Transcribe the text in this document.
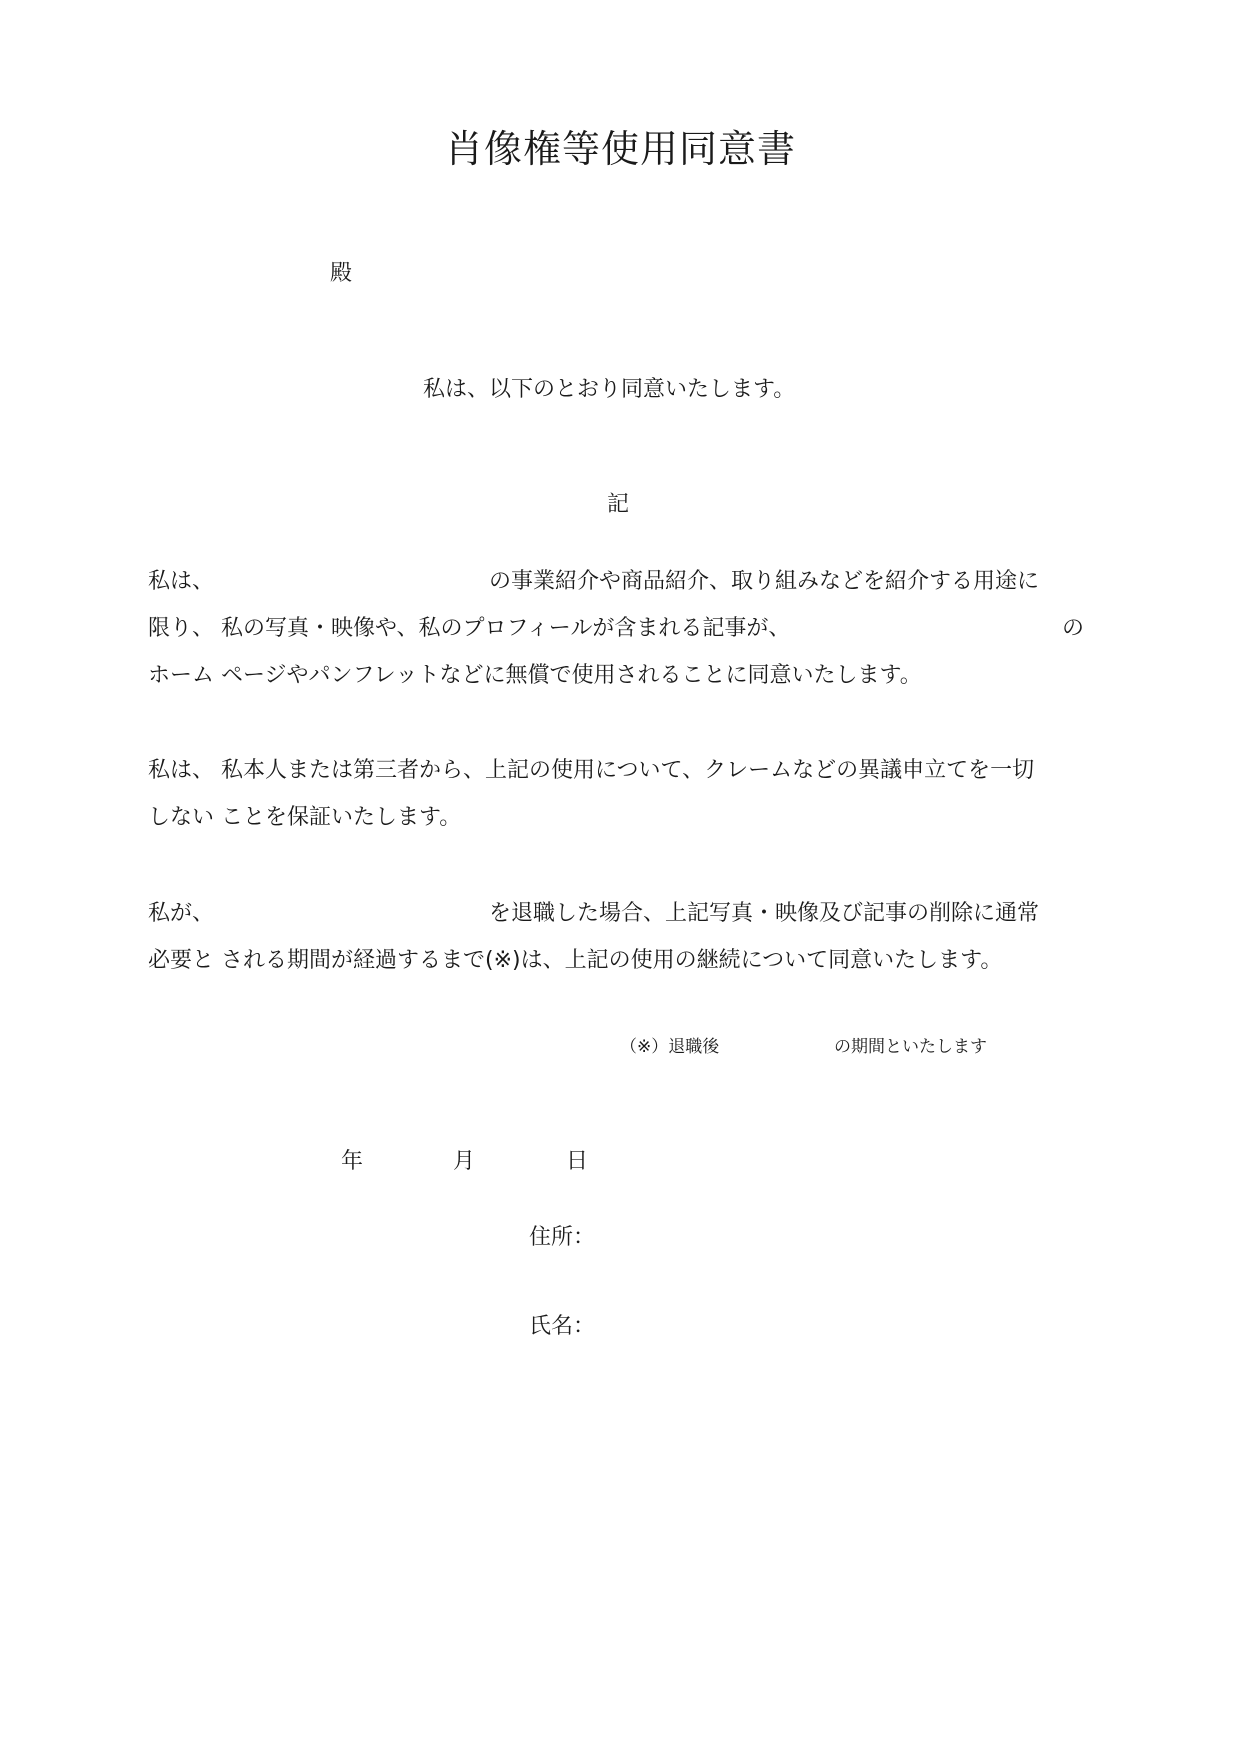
肖像権等使用同意書
殿
私は、以下のとおり同意いたします。
記
私は、	の事業紹介や商品紹介、取り組みなどを紹介する用途に
限り、 私の写真・映像や、私のプロフィールが含まれる記事が、	の
ホーム ページやパンフレットなどに無償で使用されることに同意いたします。
私は、 私本人または第三者から、上記の使用について、クレームなどの異議申立てを一切
しない ことを保証いたします。
私が、	を退職した場合、上記写真・映像及び記事の削除に通常
必要と される期間が経過するまで(※)は、上記の使用の継続について同意いたします。
（※）退職後	の期間といたします
年	月	日
住所：
氏名：
